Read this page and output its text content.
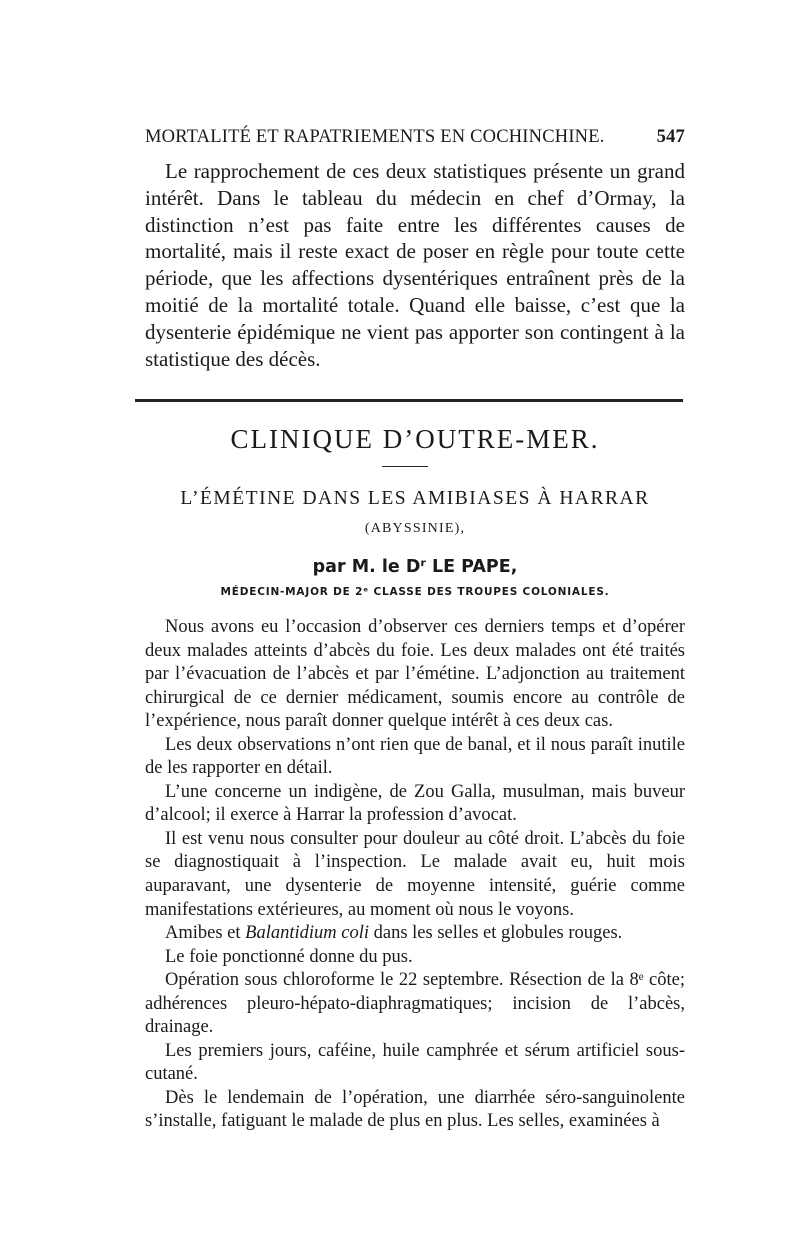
MORTALITÉ ET RAPATRIEMENTS EN COCHINCHINE.	547

Le rapprochement de ces deux statistiques présente un grand intérêt. Dans le tableau du médecin en chef d’Ormay, la distinction n’est pas faite entre les différentes causes de mortalité, mais il reste exact de poser en règle pour toute cette période, que les affections dysentériques entraînent près de la moitié de la mortalité totale. Quand elle baisse, c’est que la dysenterie épidémique ne vient pas apporter son contingent à la statistique des décès.

CLINIQUE D’OUTRE-MER.
L’ÉMÉTINE DANS LES AMIBIASES À HARRAR
(ABYSSINIE),
par M. le Dʳ LE PAPE,
MÉDECIN-MAJOR DE 2ᵉ CLASSE DES TROUPES COLONIALES.

Nous avons eu l’occasion d’observer ces derniers temps et d’opérer deux malades atteints d’abcès du foie. Les deux malades ont été traités par l’évacuation de l’abcès et par l’émétine. L’adjonction au traitement chirurgical de ce dernier médicament, soumis encore au contrôle de l’expérience, nous paraît donner quelque intérêt à ces deux cas.

Les deux observations n’ont rien que de banal, et il nous paraît inutile de les rapporter en détail.

L’une concerne un indigène, de Zou Galla, musulman, mais buveur d’alcool; il exerce à Harrar la profession d’avocat.

Il est venu nous consulter pour douleur au côté droit. L’abcès du foie se diagnostiquait à l’inspection. Le malade avait eu, huit mois auparavant, une dysenterie de moyenne intensité, guérie comme manifestations extérieures, au moment où nous le voyons.

Amibes et Balantidium coli dans les selles et globules rouges.

Le foie ponctionné donne du pus.

Opération sous chloroforme le 22 septembre. Résection de la 8ᵉ côte; adhérences pleuro-hépato-diaphragmatiques; incision de l’abcès, drainage.

Les premiers jours, caféine, huile camphrée et sérum artificiel sous-cutané.

Dès le lendemain de l’opération, une diarrhée séro-sanguinolente s’installe, fatiguant le malade de plus en plus. Les selles, examinées à
